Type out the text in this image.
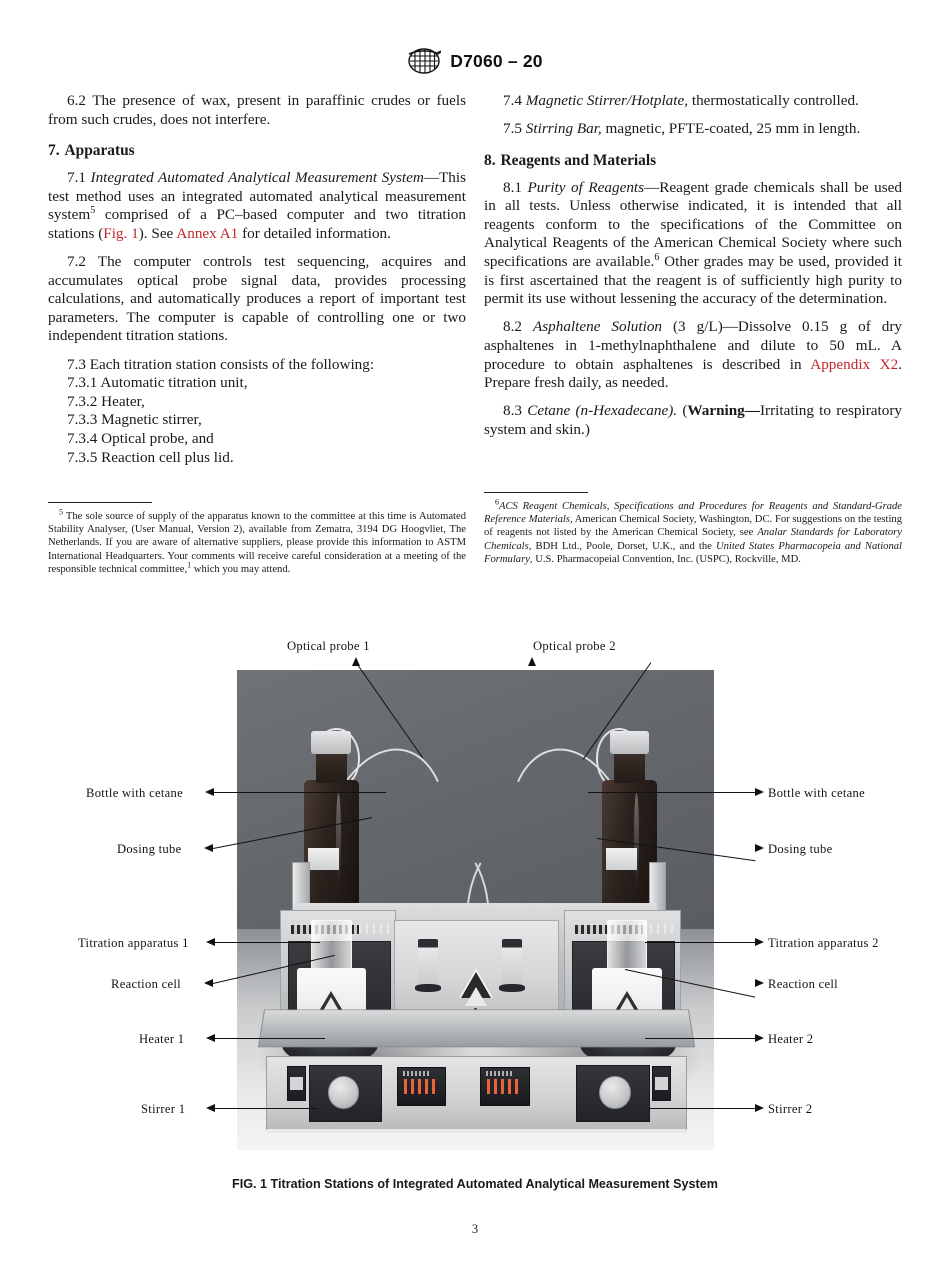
D7060 – 20

6.2 The presence of wax, present in paraffinic crudes or fuels from such crudes, does not interfere.

7. Apparatus

7.1 Integrated Automated Analytical Measurement System—This test method uses an integrated automated analytical measurement system$^5$ comprised of a PC–based computer and two titration stations (Fig. 1). See Annex A1 for detailed information.

7.2 The computer controls test sequencing, acquires and accumulates optical probe signal data, provides processing calculations, and automatically produces a report of important test parameters. The computer is capable of controlling one or two independent titration stations.

7.3 Each titration station consists of the following:

7.3.1 Automatic titration unit,
7.3.2 Heater,
7.3.3 Magnetic stirrer,
7.3.4 Optical probe, and
7.3.5 Reaction cell plus lid.

7.4 Magnetic Stirrer/Hotplate, thermostatically controlled.

7.5 Stirring Bar, magnetic, PFTE-coated, 25 mm in length.

8. Reagents and Materials

8.1 Purity of Reagents—Reagent grade chemicals shall be used in all tests. Unless otherwise indicated, it is intended that all reagents conform to the specifications of the Committee on Analytical Reagents of the American Chemical Society where such specifications are available.$^6$ Other grades may be used, provided it is first ascertained that the reagent is of sufficiently high purity to permit its use without lessening the accuracy of the determination.

8.2 Asphaltene Solution (3 g/L)—Dissolve 0.15 g of dry asphaltenes in 1-methylnaphthalene and dilute to 50 mL. A procedure to obtain asphaltenes is described in Appendix X2. Prepare fresh daily, as needed.

8.3 Cetane (n-Hexadecane). (Warning—Irritating to respiratory system and skin.)

$^5$ The sole source of supply of the apparatus known to the committee at this time is Automated Stability Analyser, (User Manual, Version 2), available from Zematra, 3194 DG Hoogvliet, The Netherlands. If you are aware of alternative suppliers, please provide this information to ASTM International Headquarters. Your comments will receive careful consideration at a meeting of the responsible technical committee,$^1$ which you may attend.

$^6$ACS Reagent Chemicals, Specifications and Procedures for Reagents and Standard-Grade Reference Materials, American Chemical Society, Washington, DC. For suggestions on the testing of reagents not listed by the American Chemical Society, see Analar Standards for Laboratory Chemicals, BDH Ltd., Poole, Dorset, U.K., and the United States Pharmacopeia and National Formulary, U.S. Pharmacopeial Convention, Inc. (USPC), Rockville, MD.

Optical probe 1	Optical probe 2
Bottle with cetane
Dosing tube
Titration apparatus 1
Reaction cell
Heater 1
Stirrer 1
Bottle with cetane
Dosing tube
Titration apparatus 2
Reaction cell
Heater 2
Stirrer 2
FIG. 1 Titration Stations of Integrated Automated Analytical Measurement System
3
